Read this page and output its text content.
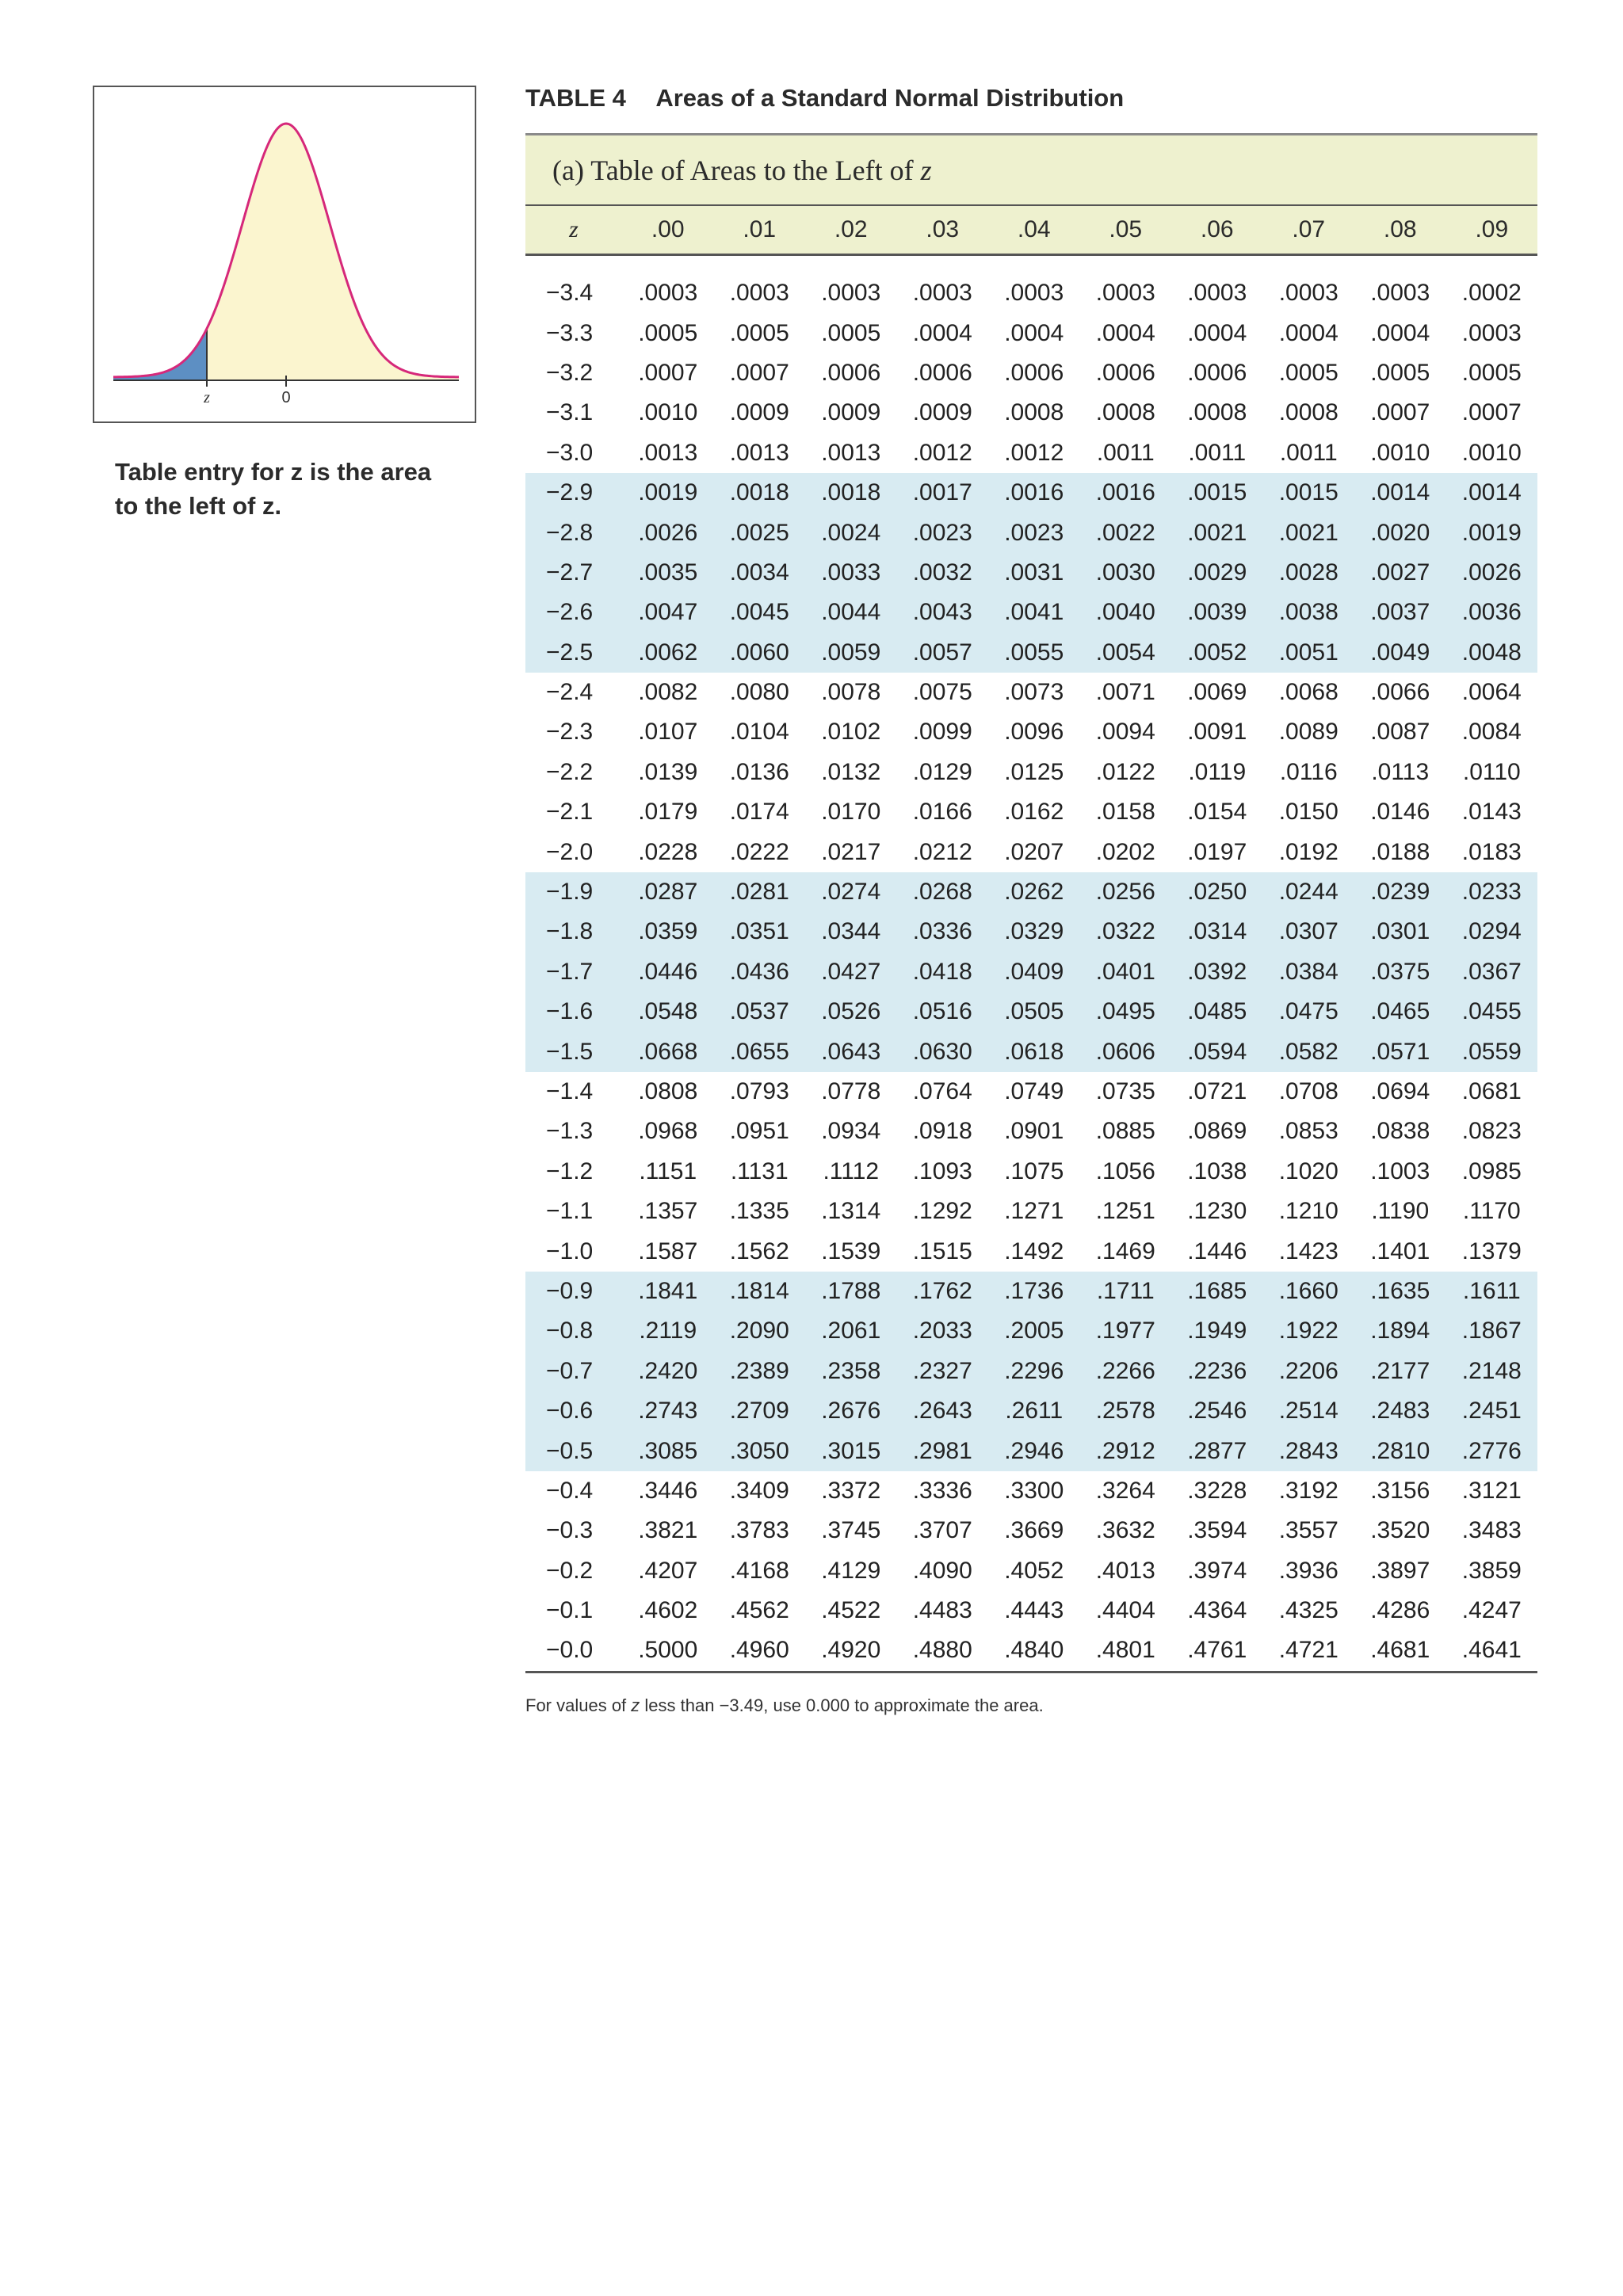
z	0
Table entry for z is the area
to the left of z.
TABLE 4 Areas of a Standard Normal Distribution
(a) Table of Areas to the Left of z										
z	.00	.01	.02	.03	.04	.05	.06	.07	.08	.09

−3.4	.0003	.0003	.0003	.0003	.0003	.0003	.0003	.0003	.0003	.0002
−3.3	.0005	.0005	.0005	.0004	.0004	.0004	.0004	.0004	.0004	.0003
−3.2	.0007	.0007	.0006	.0006	.0006	.0006	.0006	.0005	.0005	.0005
−3.1	.0010	.0009	.0009	.0009	.0008	.0008	.0008	.0008	.0007	.0007
−3.0	.0013	.0013	.0013	.0012	.0012	.0011	.0011	.0011	.0010	.0010
−2.9	.0019	.0018	.0018	.0017	.0016	.0016	.0015	.0015	.0014	.0014
−2.8	.0026	.0025	.0024	.0023	.0023	.0022	.0021	.0021	.0020	.0019
−2.7	.0035	.0034	.0033	.0032	.0031	.0030	.0029	.0028	.0027	.0026
−2.6	.0047	.0045	.0044	.0043	.0041	.0040	.0039	.0038	.0037	.0036
−2.5	.0062	.0060	.0059	.0057	.0055	.0054	.0052	.0051	.0049	.0048
−2.4	.0082	.0080	.0078	.0075	.0073	.0071	.0069	.0068	.0066	.0064
−2.3	.0107	.0104	.0102	.0099	.0096	.0094	.0091	.0089	.0087	.0084
−2.2	.0139	.0136	.0132	.0129	.0125	.0122	.0119	.0116	.0113	.0110
−2.1	.0179	.0174	.0170	.0166	.0162	.0158	.0154	.0150	.0146	.0143
−2.0	.0228	.0222	.0217	.0212	.0207	.0202	.0197	.0192	.0188	.0183
−1.9	.0287	.0281	.0274	.0268	.0262	.0256	.0250	.0244	.0239	.0233
−1.8	.0359	.0351	.0344	.0336	.0329	.0322	.0314	.0307	.0301	.0294
−1.7	.0446	.0436	.0427	.0418	.0409	.0401	.0392	.0384	.0375	.0367
−1.6	.0548	.0537	.0526	.0516	.0505	.0495	.0485	.0475	.0465	.0455
−1.5	.0668	.0655	.0643	.0630	.0618	.0606	.0594	.0582	.0571	.0559
−1.4	.0808	.0793	.0778	.0764	.0749	.0735	.0721	.0708	.0694	.0681
−1.3	.0968	.0951	.0934	.0918	.0901	.0885	.0869	.0853	.0838	.0823
−1.2	.1151	.1131	.1112	.1093	.1075	.1056	.1038	.1020	.1003	.0985
−1.1	.1357	.1335	.1314	.1292	.1271	.1251	.1230	.1210	.1190	.1170
−1.0	.1587	.1562	.1539	.1515	.1492	.1469	.1446	.1423	.1401	.1379
−0.9	.1841	.1814	.1788	.1762	.1736	.1711	.1685	.1660	.1635	.1611
−0.8	.2119	.2090	.2061	.2033	.2005	.1977	.1949	.1922	.1894	.1867
−0.7	.2420	.2389	.2358	.2327	.2296	.2266	.2236	.2206	.2177	.2148
−0.6	.2743	.2709	.2676	.2643	.2611	.2578	.2546	.2514	.2483	.2451
−0.5	.3085	.3050	.3015	.2981	.2946	.2912	.2877	.2843	.2810	.2776
−0.4	.3446	.3409	.3372	.3336	.3300	.3264	.3228	.3192	.3156	.3121
−0.3	.3821	.3783	.3745	.3707	.3669	.3632	.3594	.3557	.3520	.3483
−0.2	.4207	.4168	.4129	.4090	.4052	.4013	.3974	.3936	.3897	.3859
−0.1	.4602	.4562	.4522	.4483	.4443	.4404	.4364	.4325	.4286	.4247
−0.0	.5000	.4960	.4920	.4880	.4840	.4801	.4761	.4721	.4681	.4641
For values of z less than −3.49, use 0.000 to approximate the area.
